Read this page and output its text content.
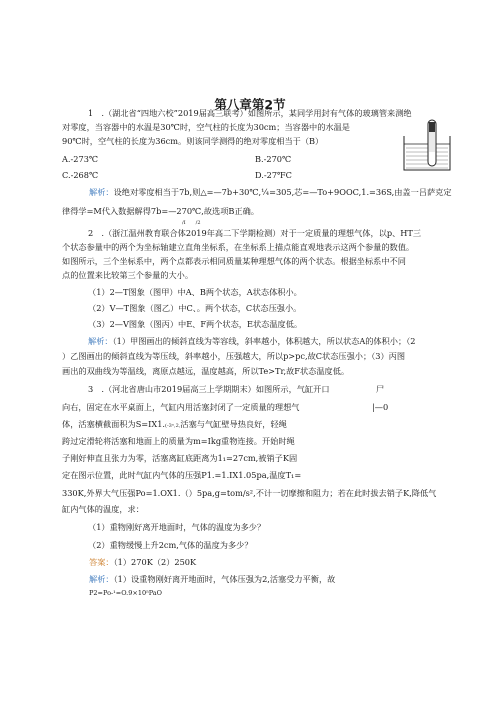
第八章第2节
1　.（湖北省“四地六校”2019届高三联考）如图所示，某同学用封有气体的玻璃管来测绝
对零度，当容器中的水温是30℃时，空气柱的长度为30cm；当容器中的水温是
90℃时，空气柱的长度为36cm。则该同学测得的绝对零度相当于（B）
A.-273℃	B.-270℃
C.-268℃	D.-27℉C
解析：设绝对零度相当于7b,则△=—7b+30℃,¼=305,芯=—To+9OOC,1.=36S,由盖一吕萨克定
律得学=M代入数据解得7b=—270℃,故选项B正确。
/I　　/2
2　.（浙江温州教育联合体2019年高二下学期检测）对于一定质量的理想气体，以p、HT三
个状态参量中的两个为坐标轴建立直角坐标系，在坐标系上描点能直观地表示这两个参量的数值。
如图所示，三个坐标系中，两个点都表示相同质量某种理想气体的两个状态。根据坐标系中不同
点的位置来比较第三个参量的大小。
（1）2—T图象（图甲）中A、B两个状态，A状态体积小。
（2）V—T图象（图乙）中C、。两个状态，C状态压强小。
（3）2—V图象（图丙）中E、F两个状态，E状态温度低。
解析：（1）甲图画出的倾斜直线为等容线，斜率越小，体积越大，所以状态A的体积小；（2
）乙图画出的倾斜直线为等压线，斜率越小，压强越大，所以p>pc,故C状态压强小；（3）丙图
画出的双曲线为等温线，离原点越远，温度越高，所以Te>Tr,故F状态温度低。
3　.（河北省唐山市2019届高三上学期期末）如图所示，气缸开口	尸
向右，固定在水平桌面上，气缸内用活塞封闭了一定质量的理想气	|—0
体，活塞横截面积为S=IX1.(-3ⁿ,2,活塞与气缸壁导热良好，轻绳
跨过定滑轮将活塞和地面上的质量为m=Ikg重物连接。开始时绳
子刚好伸直且张力为零，活塞离缸底距离为1₁=27cm,被销子K固
定在图示位置，此时气缸内气体的压强P1.=1.IX1.05pa,温度T₁=
330K,外界大气压强Po=1.OX1.（）5pa,g=tom/s²,不计一切摩擦和阻力；若在此时拔去销子K,降低气
缸内气体的温度，求：
（1）重物刚好离开地面时，气体的温度为多少？
（2）重物缓慢上升2cm,气体的温度为多少？
答案：（1）270K（2）250K
解析：（1）设重物刚好离开地面时，气体压强为2,活塞受力平衡，故
P2=Po-¹=O.9×10⁵PaO
